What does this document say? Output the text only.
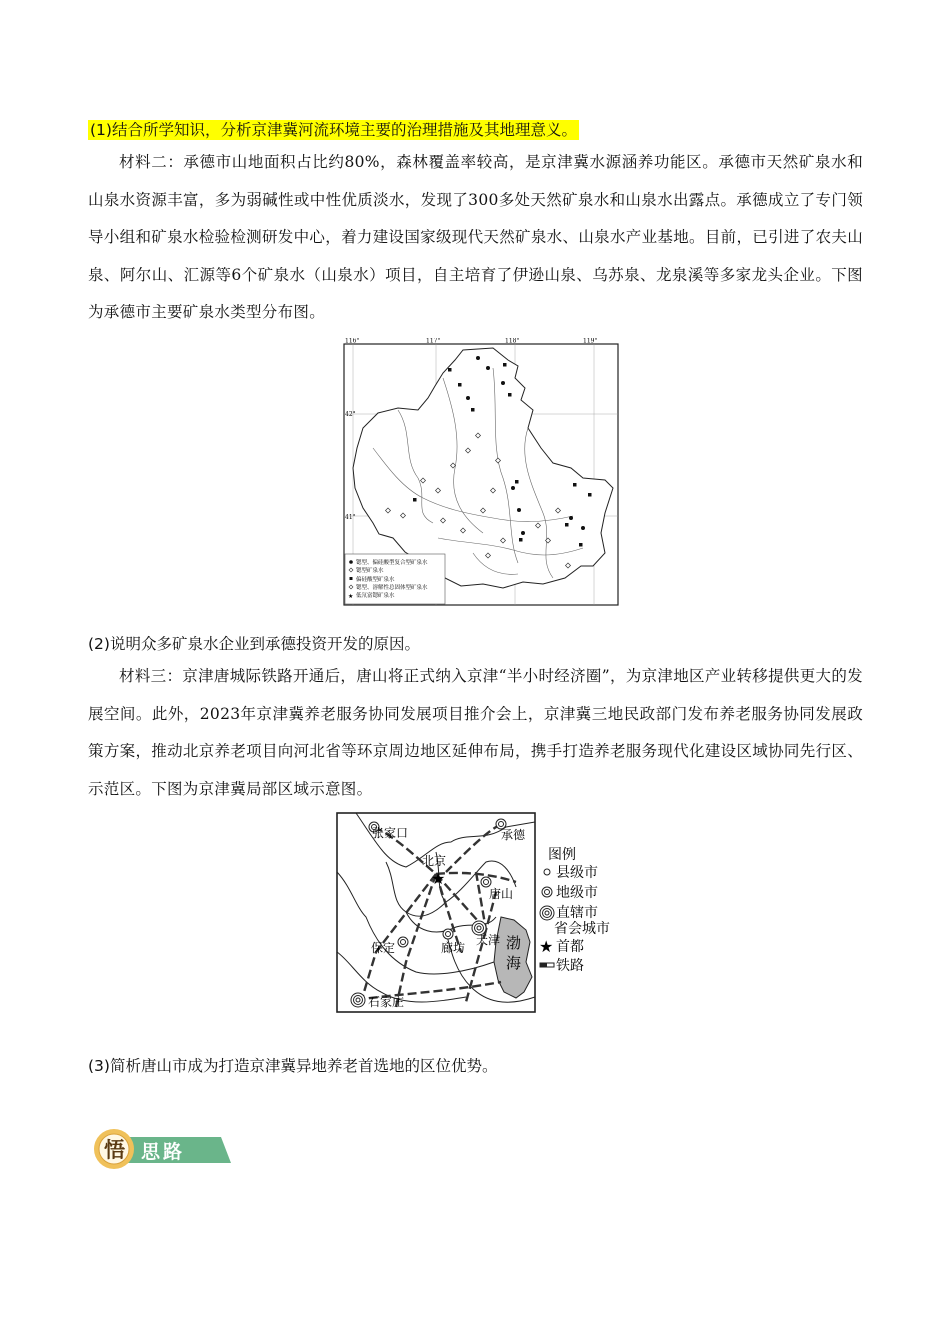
(1)结合所学知识，分析京津冀河流环境主要的治理措施及其地理意义。
材料二：承德市山地面积占比约80%，森林覆盖率较高，是京津冀水源涵养功能区。承德市天然矿泉水和山泉水资源丰富，多为弱碱性或中性优质淡水，发现了300多处天然矿泉水和山泉水出露点。承德成立了专门领导小组和矿泉水检验检测研发中心，着力建设国家级现代天然矿泉水、山泉水产业基地。目前，已引进了农夫山泉、阿尔山、汇源等6个矿泉水（山泉水）项目，自主培育了伊逊山泉、乌苏泉、龙泉溪等多家龙头企业。下图为承德市主要矿泉水类型分布图。
116°	117°	118°	119°
42°
41°
锶型、偏硅酸型复合型矿泉水
锶型矿泉水
偏硅酸型矿泉水
锶型、溶解性总固体型矿泉水
★ 低氘富锶矿泉水
(2)说明众多矿泉水企业到承德投资开发的原因。
材料三：京津唐城际铁路开通后，唐山将正式纳入京津“半小时经济圈”，为京津地区产业转移提供更大的发展空间。此外，2023年京津冀养老服务协同发展项目推介会上，京津冀三地民政部门发布养老服务协同发展政策方案，推动北京养老项目向河北省等环京周边地区延伸布局，携手打造养老服务现代化建设区域协同先行区、示范区。下图为京津冀局部区域示意图。
渤
海
张家口	承德
★
北京
唐山
天津
保定	廊坊
石家庄
图例
县级市
地级市
直辖市
省会城市
★ 首都
铁路
(3)简析唐山市成为打造京津冀异地养老首选地的区位优势。
悟 思路
